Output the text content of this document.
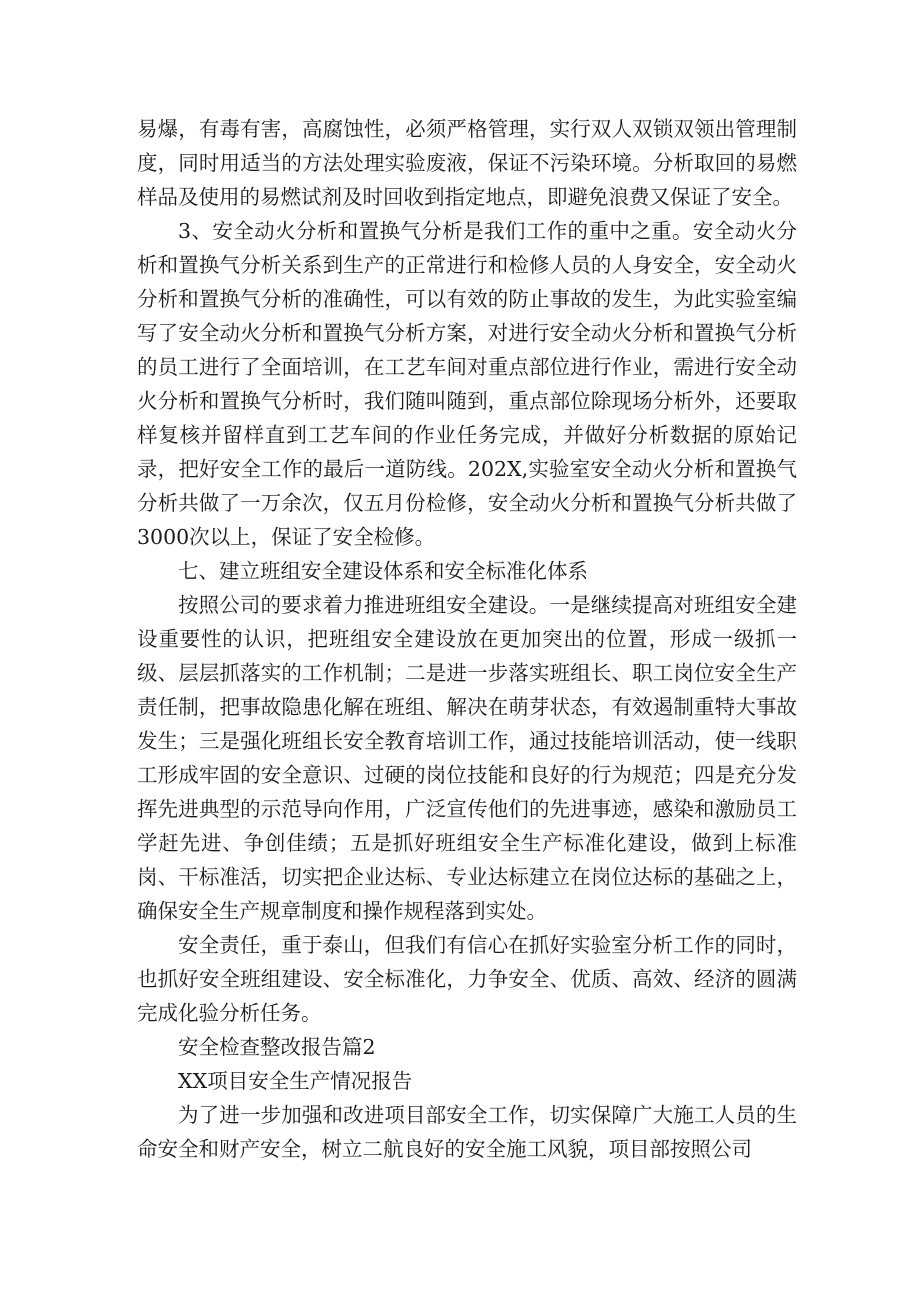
易爆，有毒有害，高腐蚀性，必须严格管理，实行双人双锁双领出管理制度，同时用适当的方法处理实验废液，保证不污染环境。分析取回的易燃样品及使用的易燃试剂及时回收到指定地点，即避免浪费又保证了安全。

3、安全动火分析和置换气分析是我们工作的重中之重。安全动火分析和置换气分析关系到生产的正常进行和检修人员的人身安全，安全动火分析和置换气分析的准确性，可以有效的防止事故的发生，为此实验室编写了安全动火分析和置换气分析方案，对进行安全动火分析和置换气分析的员工进行了全面培训，在工艺车间对重点部位进行作业，需进行安全动火分析和置换气分析时，我们随叫随到，重点部位除现场分析外，还要取样复核并留样直到工艺车间的作业任务完成，并做好分析数据的原始记录，把好安全工作的最后一道防线。202X,实验室安全动火分析和置换气分析共做了一万余次，仅五月份检修，安全动火分析和置换气分析共做了3000次以上，保证了安全检修。

七、建立班组安全建设体系和安全标准化体系

按照公司的要求着力推进班组安全建设。一是继续提高对班组安全建设重要性的认识，把班组安全建设放在更加突出的位置，形成一级抓一级、层层抓落实的工作机制；二是进一步落实班组长、职工岗位安全生产责任制，把事故隐患化解在班组、解决在萌芽状态，有效遏制重特大事故发生；三是强化班组长安全教育培训工作，通过技能培训活动，使一线职工形成牢固的安全意识、过硬的岗位技能和良好的行为规范；四是充分发挥先进典型的示范导向作用，广泛宣传他们的先进事迹，感染和激励员工学赶先进、争创佳绩；五是抓好班组安全生产标准化建设，做到上标准岗、干标准活，切实把企业达标、专业达标建立在岗位达标的基础之上，确保安全生产规章制度和操作规程落到实处。

安全责任，重于泰山，但我们有信心在抓好实验室分析工作的同时，也抓好安全班组建设、安全标准化，力争安全、优质、高效、经济的圆满完成化验分析任务。

安全检查整改报告篇2

XX项目安全生产情况报告

为了进一步加强和改进项目部安全工作，切实保障广大施工人员的生命安全和财产安全，树立二航良好的安全施工风貌，项目部按照公司
